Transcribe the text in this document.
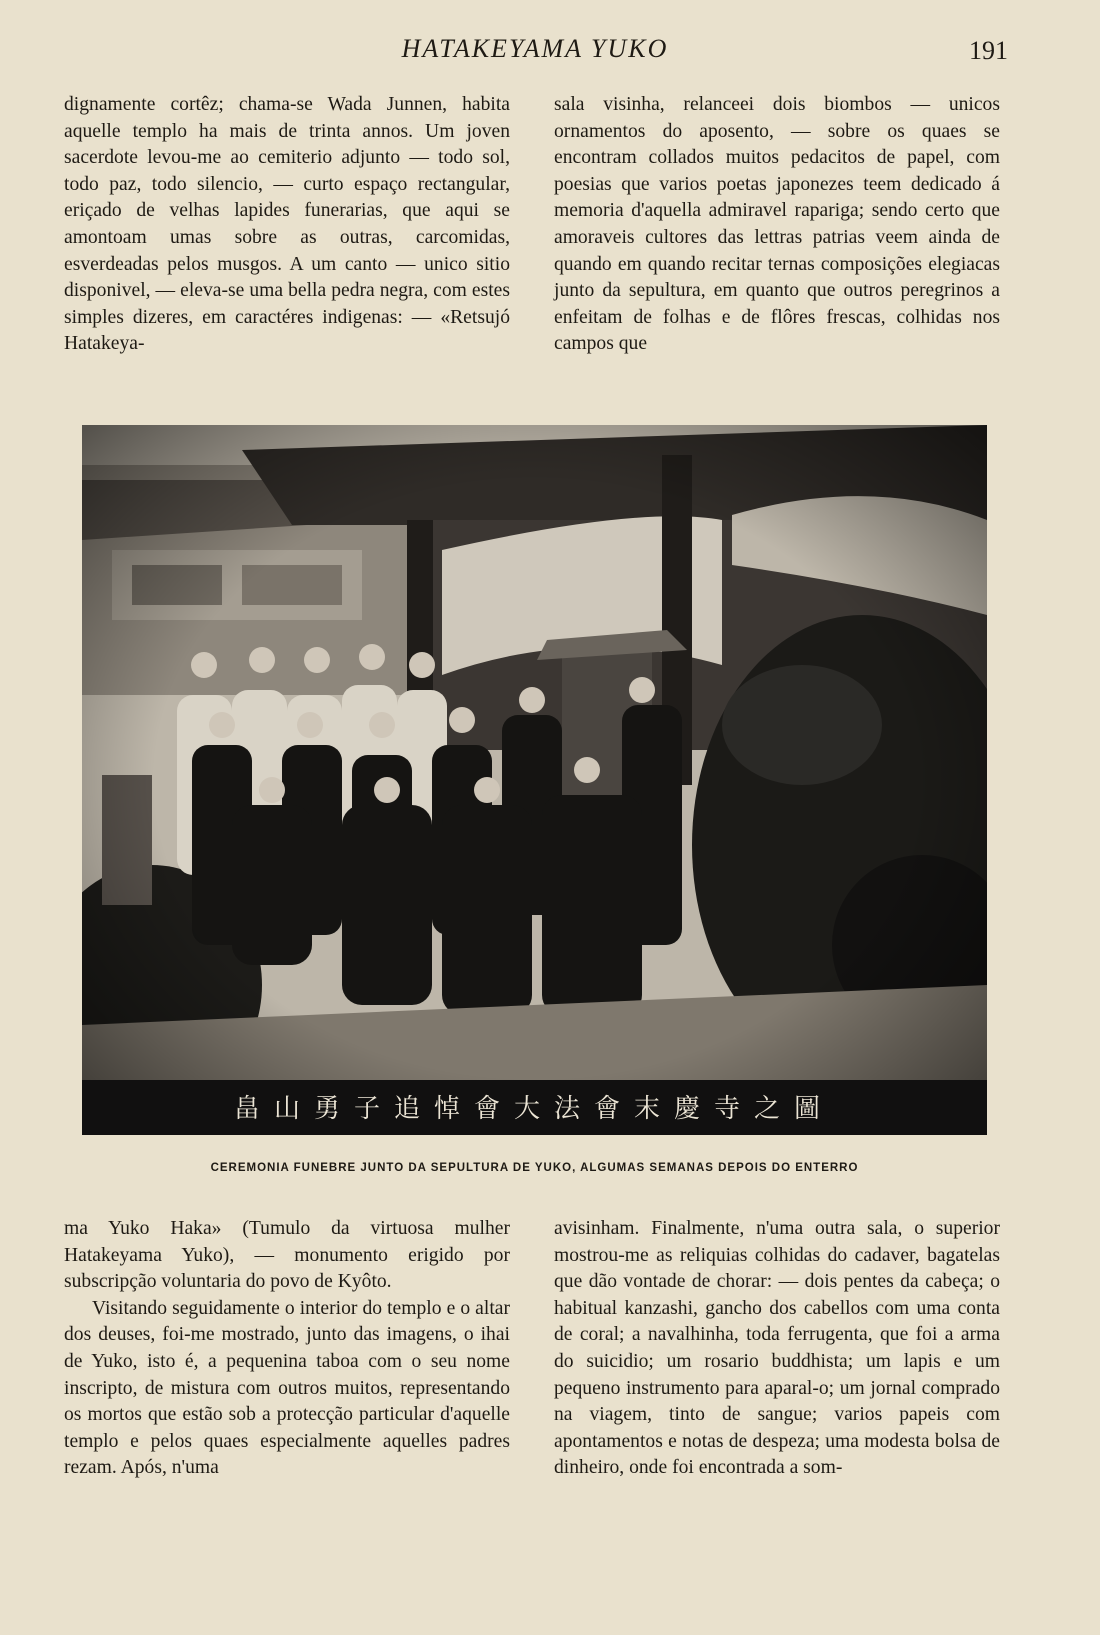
HATAKEYAMA YUKO	191

dignamente cortêz; chama-se Wada Junnen, habita aquelle templo ha mais de trinta annos. Um joven sacerdote levou-me ao cemiterio adjunto — todo sol, todo paz, todo silencio, — curto espaço rectangular, eriçado de velhas lapides funerarias, que aqui se amontoam umas sobre as outras, carcomidas, esverdeadas pelos musgos. A um canto — unico sitio disponivel, — eleva-se uma bella pedra negra, com estes simples dizeres, em caractéres indigenas: — «Retsujó Hatakeya-

sala visinha, relanceei dois biombos — unicos ornamentos do aposento, — sobre os quaes se encontram collados muitos pedacitos de papel, com poesias que varios poetas japonezes teem dedicado á memoria d'aquella admiravel rapariga; sendo certo que amoraveis cultores das lettras patrias veem ainda de quando em quando recitar ternas composições elegiacas junto da sepultura, em quanto que outros peregrinos a enfeitam de folhas e de flôres frescas, colhidas nos campos que

畠山勇子追悼會大法會末慶寺之圖
CEREMONIA FUNEBRE JUNTO DA SEPULTURA DE YUKO, ALGUMAS SEMANAS DEPOIS DO ENTERRO

ma Yuko Haka» (Tumulo da virtuosa mulher Hatakeyama Yuko), — monumento erigido por subscripção voluntaria do povo de Kyôto.

Visitando seguidamente o interior do templo e o altar dos deuses, foi-me mostrado, junto das imagens, o ihai de Yuko, isto é, a pequenina taboa com o seu nome inscripto, de mistura com outros muitos, representando os mortos que estão sob a protecção particular d'aquelle templo e pelos quaes especialmente aquelles padres rezam. Após, n'uma

avisinham. Finalmente, n'uma outra sala, o superior mostrou-me as reliquias colhidas do cadaver, bagatelas que dão vontade de chorar: — dois pentes da cabeça; o habitual kanzashi, gancho dos cabellos com uma conta de coral; a navalhinha, toda ferrugenta, que foi a arma do suicidio; um rosario buddhista; um lapis e um pequeno instrumento para aparal-o; um jornal comprado na viagem, tinto de sangue; varios papeis com apontamentos e notas de despeza; uma modesta bolsa de dinheiro, onde foi encontrada a som-
